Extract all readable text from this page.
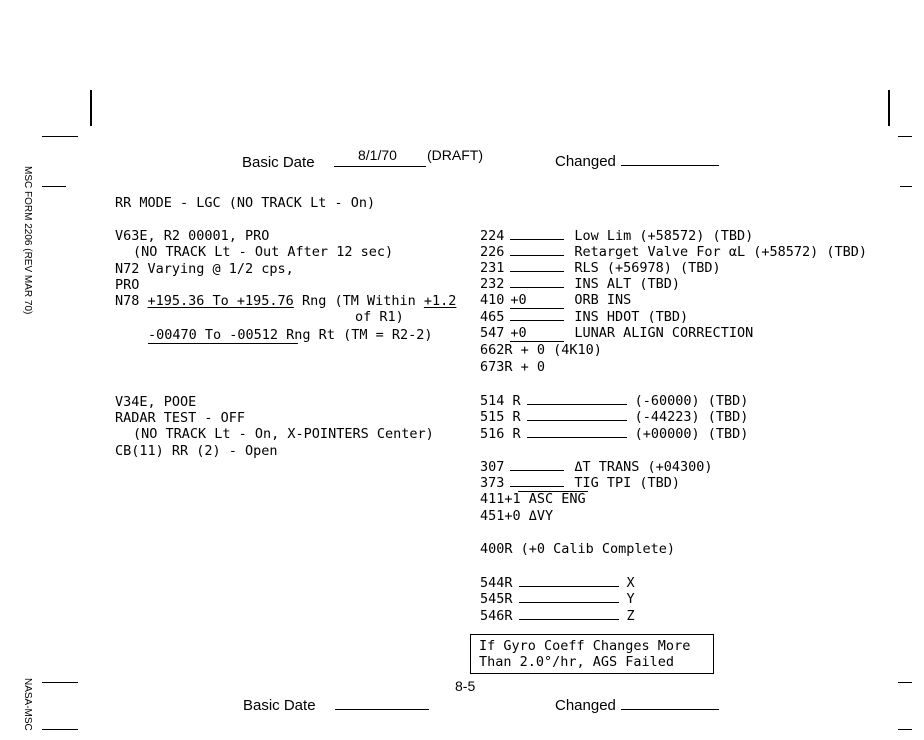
MSC FORM 2206 (REV MAR 70)
NASA-MSC
Basic Date	8/1/70 (DRAFT)	Changed
RR MODE - LGC (NO TRACK Lt - On)
V63E, R2 00001, PRO
(NO TRACK Lt - Out After 12 sec)
N72 Varying @ 1/2 cps,
PRO
N78 +195.36 To +195.76 Rng (TM Within +1.2
of R1)
-00470 To -00512 Rng Rt (TM = R2-2)
V34E, POOE
RADAR TEST - OFF
(NO TRACK Lt - On, X-POINTERS Center)
CB(11) RR (2) - Open
224	Low Lim (+58572) (TBD)
226	Retarget Valve For αL (+58572) (TBD)
231	RLS (+56978) (TBD)
232	INS ALT (TBD)
410 +0	ORB INS
465	INS HDOT (TBD)
547 +0	LUNAR ALIGN CORRECTION
662R + 0 (4K10)
673R + 0
514 R	(-60000) (TBD)
515 R	(-44223) (TBD)
516 R	(+00000) (TBD)
307	ΔT TRANS (+04300)
373	TIG TPI (TBD)
411+1 ASC ENG
451+0 ΔVY
400R (+0 Calib Complete)
544R	X
545R	Y
546R	Z
If Gyro Coeff Changes More
Than 2.0°/hr, AGS Failed
8-5
Basic Date	Changed
